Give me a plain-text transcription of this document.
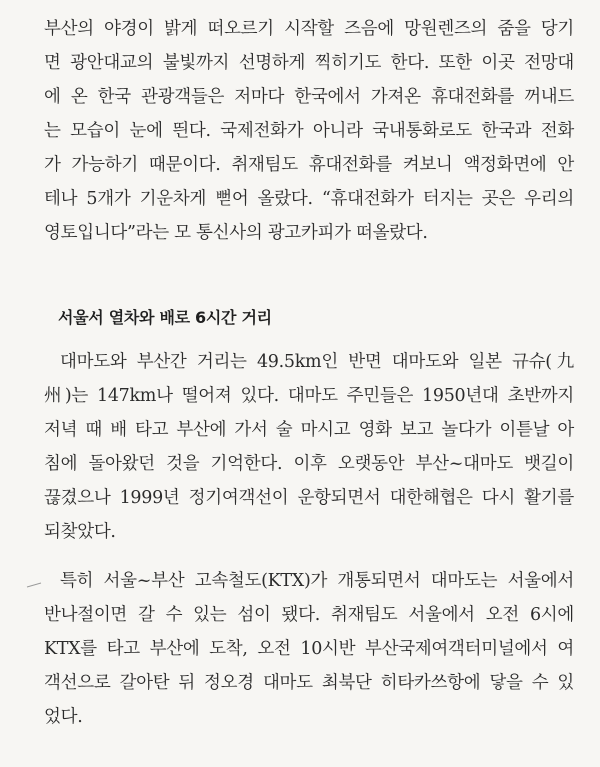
부산의 야경이 밝게 떠오르기 시작할 즈음에 망원렌즈의 줌을 당기
면 광안대교의 불빛까지 선명하게 찍히기도 한다. 또한 이곳 전망대
에 온 한국 관광객들은 저마다 한국에서 가져온 휴대전화를 꺼내드
는 모습이 눈에 띈다. 국제전화가 아니라 국내통화로도 한국과 전화
가 가능하기 때문이다. 취재팀도 휴대전화를 켜보니 액정화면에 안
테나 5개가 기운차게 뻗어 올랐다. “휴대전화가 터지는 곳은 우리의
영토입니다”라는 모 통신사의 광고카피가 떠올랐다.
서울서 열차와 배로 6시간 거리
대마도와 부산간 거리는 49.5km인 반면 대마도와 일본 규슈(九
州)는 147km나 떨어져 있다. 대마도 주민들은 1950년대 초반까지
저녁 때 배 타고 부산에 가서 술 마시고 영화 보고 놀다가 이튿날 아
침에 돌아왔던 것을 기억한다. 이후 오랫동안 부산~대마도 뱃길이
끊겼으나 1999년 정기여객선이 운항되면서 대한해협은 다시 활기를
되찾았다.
특히 서울~부산 고속철도(KTX)가 개통되면서 대마도는 서울에서
반나절이면 갈 수 있는 섬이 됐다. 취재팀도 서울에서 오전 6시에
KTX를 타고 부산에 도착, 오전 10시반 부산국제여객터미널에서 여
객선으로 갈아탄 뒤 정오경 대마도 최북단 히타카쓰항에 닿을 수 있
었다.
